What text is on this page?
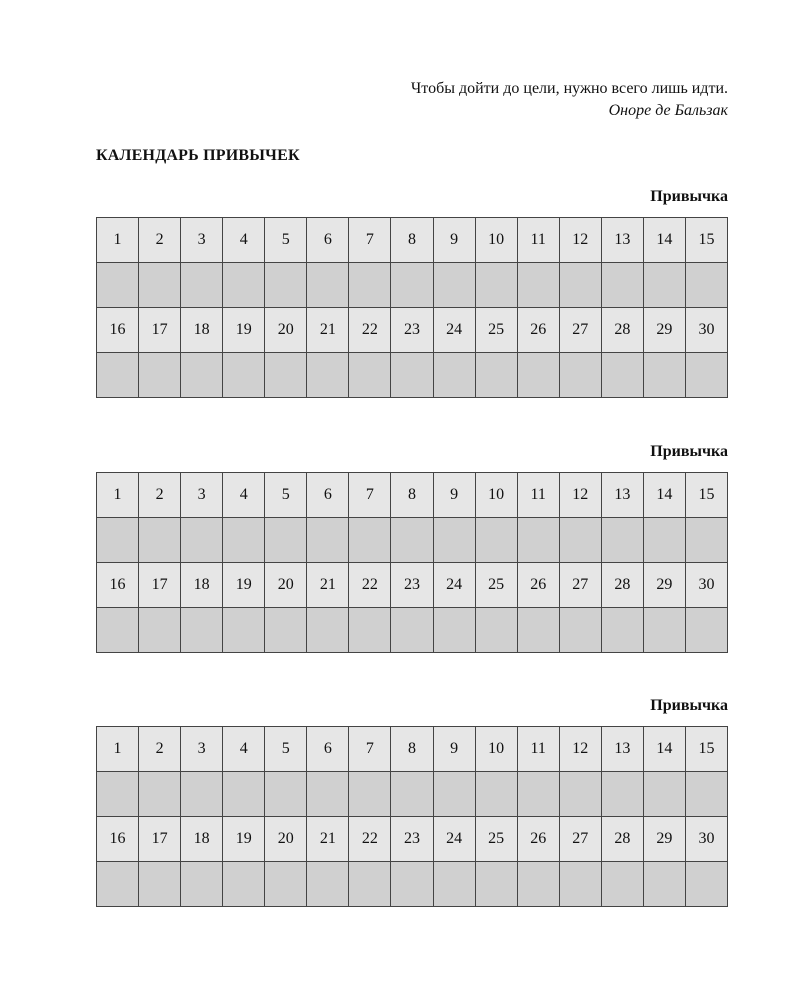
Чтобы дойти до цели, нужно всего лишь идти.
Оноре де Бальзак
КАЛЕНДАРЬ ПРИВЫЧЕК
Привычка
1	2	3	4	5	6	7	8	9	10	11	12	13	14	15
16	17	18	19	20	21	22	23	24	25	26	27	28	29	30
Привычка
1	2	3	4	5	6	7	8	9	10	11	12	13	14	15
16	17	18	19	20	21	22	23	24	25	26	27	28	29	30
Привычка
1	2	3	4	5	6	7	8	9	10	11	12	13	14	15
16	17	18	19	20	21	22	23	24	25	26	27	28	29	30
